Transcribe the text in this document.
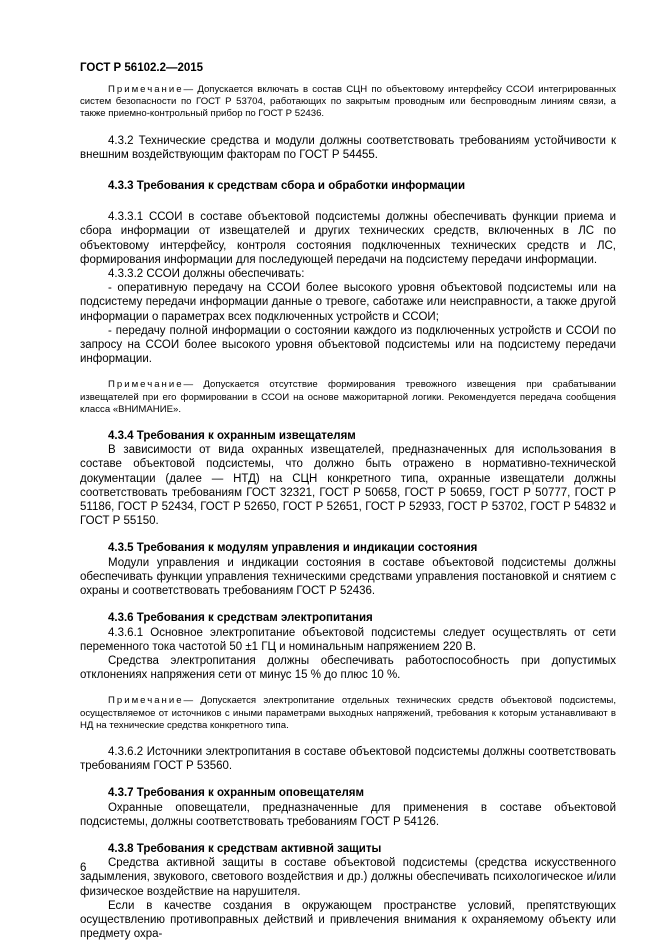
ГОСТ Р 56102.2—2015

Примечание— Допускается включать в состав СЦН по объектовому интерфейсу ССОИ интегрированных систем безопасности по ГОСТ Р 53704, работающих по закрытым проводным или беспроводным линиям связи, а также приемно-контрольный прибор по ГОСТ Р 52436.

4.3.2 Технические средства и модули должны соответствовать требованиям устойчивости к внешним воздействующим факторам по ГОСТ Р 54455.

4.3.3 Требования к средствам сбора и обработки информации

4.3.3.1 ССОИ в составе объектовой подсистемы должны обеспечивать функции приема и сбора информации от извещателей и других технических средств, включенных в ЛС по объектовому интерфейсу, контроля состояния подключенных технических средств и ЛС, формирования информации для последующей передачи на подсистему передачи информации.

4.3.3.2 ССОИ должны обеспечивать:

- оперативную передачу на ССОИ более высокого уровня объектовой подсистемы или на подсистему передачи информации данные о тревоге, саботаже или неисправности, а также другой информации о параметрах всех подключенных устройств и ССОИ;

- передачу полной информации о состоянии каждого из подключенных устройств и ССОИ по запросу на ССОИ более высокого уровня объектовой подсистемы или на подсистему передачи информации.

Примечание— Допускается отсутствие формирования тревожного извещения при срабатывании извещателей при его формировании в ССОИ на основе мажоритарной логики. Рекомендуется передача сообщения класса «ВНИМАНИЕ».

4.3.4 Требования к охранным извещателям

В зависимости от вида охранных извещателей, предназначенных для использования в составе объектовой подсистемы, что должно быть отражено в нормативно-технической документации (далее — НТД) на СЦН конкретного типа, охранные извещатели должны соответствовать требованиям ГОСТ 32321, ГОСТ Р 50658, ГОСТ Р 50659, ГОСТ Р 50777, ГОСТ Р 51186, ГОСТ Р 52434, ГОСТ Р 52650, ГОСТ Р 52651, ГОСТ Р 52933, ГОСТ Р 53702, ГОСТ Р 54832 и ГОСТ Р 55150.

4.3.5 Требования к модулям управления и индикации состояния

Модули управления и индикации состояния в составе объектовой подсистемы должны обеспечивать функции управления техническими средствами управления постановкой и снятием с охраны и соответствовать требованиям ГОСТ Р 52436.

4.3.6 Требования к средствам электропитания

4.3.6.1 Основное электропитание объектовой подсистемы следует осуществлять от сети переменного тока частотой 50 ±1 ГЦ и номинальным напряжением 220 В.

Средства электропитания должны обеспечивать работоспособность при допустимых отклонениях напряжения сети от минус 15 % до плюс 10 %.

Примечание— Допускается электропитание отдельных технических средств объектовой подсистемы, осуществляемое от источников с иными параметрами выходных напряжений, требования к которым устанавливают в НД на технические средства конкретного типа.

4.3.6.2 Источники электропитания в составе объектовой подсистемы должны соответствовать требованиям ГОСТ Р 53560.

4.3.7 Требования к охранным оповещателям

Охранные оповещатели, предназначенные для применения в составе объектовой подсистемы, должны соответствовать требованиям ГОСТ Р 54126.

4.3.8 Требования к средствам активной защиты

Средства активной защиты в составе объектовой подсистемы (средства искусственного задымления, звукового, светового воздействия и др.) должны обеспечивать психологическое и/или физическое воздействие на нарушителя.

Если в качестве создания в окружающем пространстве условий, препятствующих осуществлению противоправных действий и привлечения внимания к охраняемому объекту или предмету охра-

6
